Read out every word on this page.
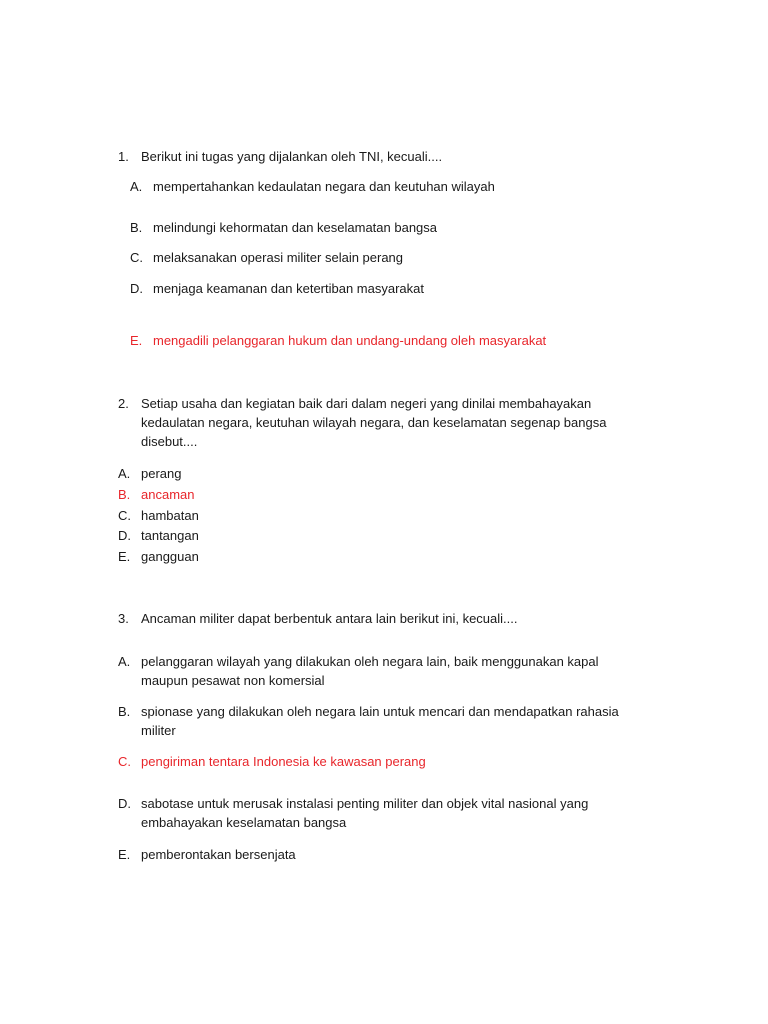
1. Berikut ini tugas yang dijalankan oleh TNI, kecuali....
A. mempertahankan kedaulatan negara dan keutuhan wilayah
B. melindungi kehormatan dan keselamatan bangsa
C. melaksanakan operasi militer selain perang
D. menjaga keamanan dan ketertiban masyarakat
E. mengadili pelanggaran hukum dan undang-undang oleh masyarakat
2. Setiap usaha dan kegiatan baik dari dalam negeri yang dinilai membahayakan
kedaulatan negara, keutuhan wilayah negara, dan keselamatan segenap bangsa
disebut....
A. perang
B. ancaman
C. hambatan
D. tantangan
E. gangguan
3. Ancaman militer dapat berbentuk antara lain berikut ini, kecuali....
A. pelanggaran wilayah yang dilakukan oleh negara lain, baik menggunakan kapal
maupun pesawat non komersial
B. spionase yang dilakukan oleh negara lain untuk mencari dan mendapatkan rahasia
militer
C. pengiriman tentara Indonesia ke kawasan perang
D. sabotase untuk merusak instalasi penting militer dan objek vital nasional yang
embahayakan keselamatan bangsa
E. pemberontakan bersenjata
